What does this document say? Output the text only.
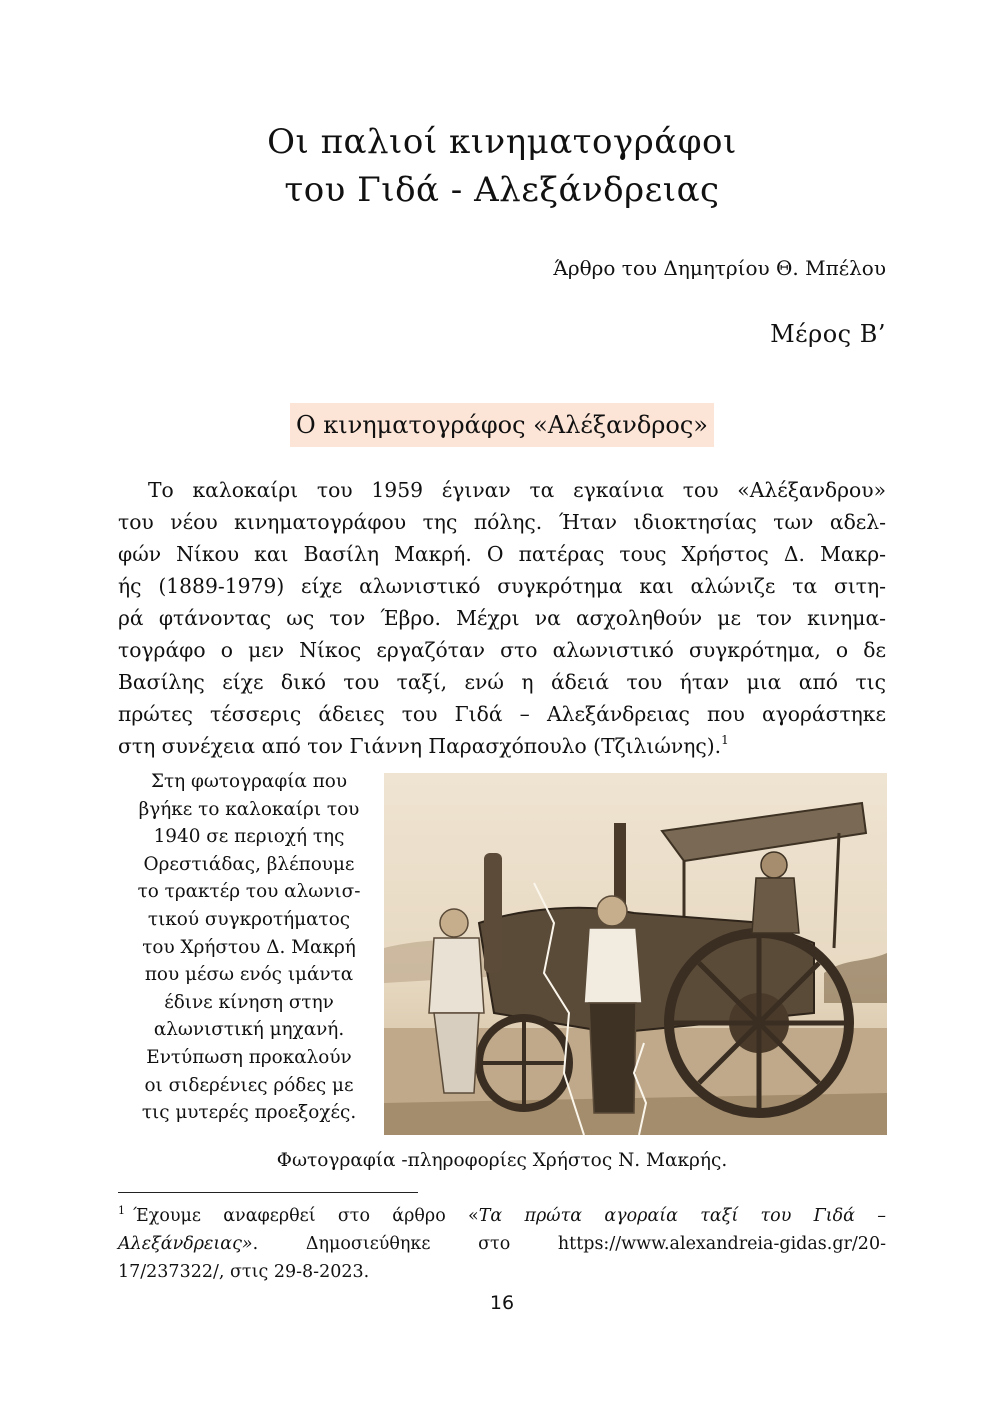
Οι παλιοί κινηματογράφοι
του Γιδά - Αλεξάνδρειας
Άρθρο του Δημητρίου Θ. Μπέλου
Μέρος Β’
Ο κινηματογράφος «Αλέξανδρος»
Το καλοκαίρι του 1959 έγιναν τα εγκαίνια του «Αλέξανδρου»
του νέου κινηματογράφου της πόλης. Ήταν ιδιοκτησίας των αδελ-
φών Νίκου και Βασίλη Μακρή. Ο πατέρας τους Χρήστος Δ. Μακρ-
ής (1889-1979) είχε αλωνιστικό συγκρότημα και αλώνιζε τα σιτη-
ρά φτάνοντας ως τον Έβρο. Μέχρι να ασχοληθούν με τον κινημα-
τογράφο ο μεν Νίκος εργαζόταν στο αλωνιστικό συγκρότημα, ο δε
Βασίλης είχε δικό του ταξί, ενώ η άδειά του ήταν μια από τις
πρώτες τέσσερις άδειες του Γιδά – Αλεξάνδρειας που αγοράστηκε
στη συνέχεια από τον Γιάννη Παρασχόπουλο (Τζιλιώνης).$^1$
Στη φωτογραφία που
βγήκε το καλοκαίρι του
1940 σε περιοχή της
Ορεστιάδας, βλέπουμε
το τρακτέρ του αλωνισ-
τικού συγκροτήματος
του Χρήστου Δ. Μακρή
που μέσω ενός ιμάντα
έδινε κίνηση στην
αλωνιστική μηχανή.
Εντύπωση προκαλούν
οι σιδερένιες ρόδες με
τις μυτερές προεξοχές.
Φωτογραφία -πληροφορίες Χρήστος Ν. Μακρής.
$^1$ Έχουμε αναφερθεί στο άρθρο «Τα πρώτα αγοραία ταξί του Γιδά –
Αλεξάνδρειας». Δημοσιεύθηκε στο https://www.alexandreia-gidas.gr/20-
17/237322/, στις 29-8-2023.
16
